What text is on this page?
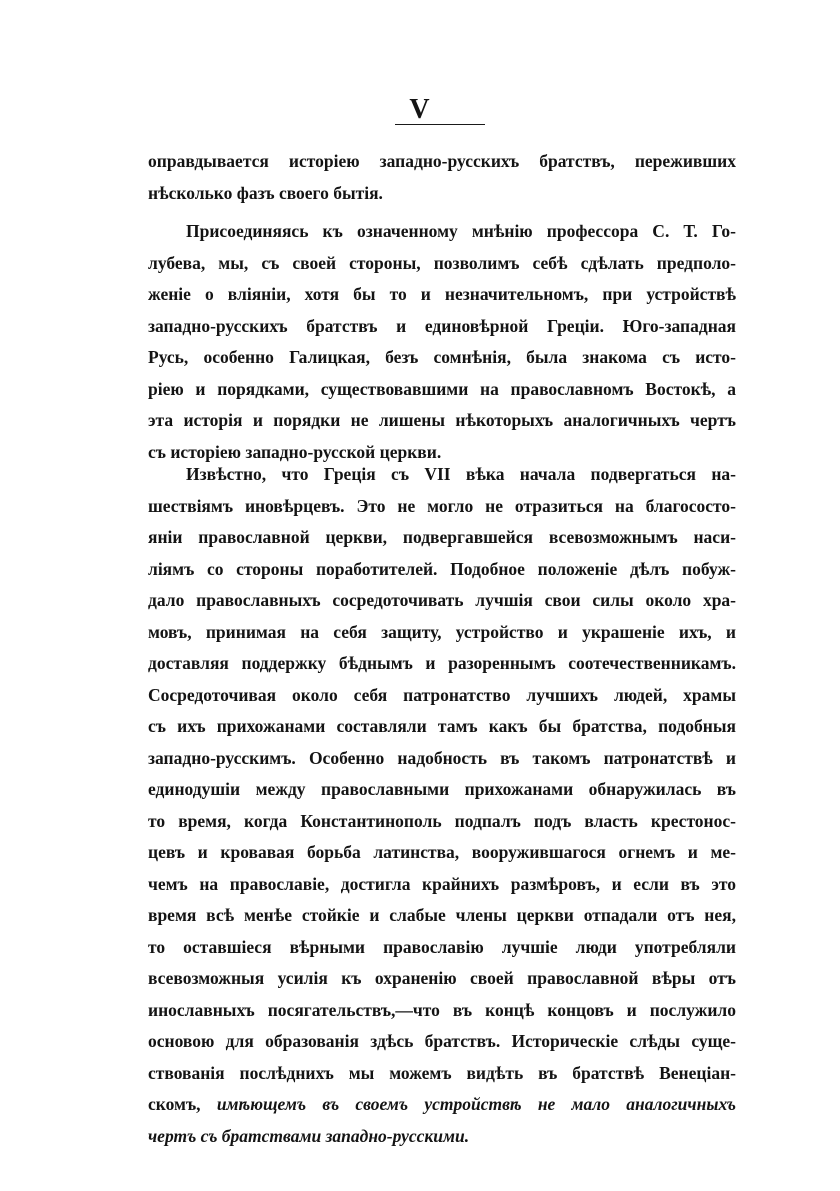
V
оправдывается исторіею западно-русскихъ братствъ, переживших
нѣсколько фазъ своего бытія.
Присоединяясь къ означенному мнѣнію профессора С. Т. Го-
лубева, мы, съ своей стороны, позволимъ себѣ сдѣлать предполо-
женіе о вліяніи, хотя бы то и незначительномъ, при устройствѣ
западно-русскихъ братствъ и единовѣрной Греціи. Юго-западная
Русь, особенно Галицкая, безъ сомнѣнія, была знакома съ исто-
ріею и порядками, существовавшими на православномъ Востокѣ, а
эта исторія и порядки не лишены нѣкоторыхъ аналогичныхъ чертъ
съ исторіею западно-русской церкви.
Извѣстно, что Греція съ VII вѣка начала подвергаться на-
шествіямъ иновѣрцевъ. Это не могло не отразиться на благососто-
яніи православной церкви, подвергавшейся всевозможнымъ наси-
ліямъ со стороны поработителей. Подобное положеніе дѣлъ побуж-
дало православныхъ сосредоточивать лучшія свои силы около хра-
мовъ, принимая на себя защиту, устройство и украшеніе ихъ, и
доставляя поддержку бѣднымъ и разореннымъ соотечественникамъ.
Сосредоточивая около себя патронатство лучшихъ людей, храмы
съ ихъ прихожанами составляли тамъ какъ бы братства, подобныя
западно-русскимъ. Особенно надобность въ такомъ патронатствѣ и
единодушіи между православными прихожанами обнаружилась въ
то время, когда Константинополь подпалъ подъ власть крестонос-
цевъ и кровавая борьба латинства, вооружившагося огнемъ и ме-
чемъ на православіе, достигла крайнихъ размѣровъ, и если въ это
время всѣ менѣе стойкіе и слабые члены церкви отпадали отъ нея,
то оставшіеся вѣрными православію лучшіе люди употребляли
всевозможныя усилія къ охраненію своей православной вѣры отъ
инославныхъ посягательствъ,—что въ концѣ концовъ и послужило
основою для образованія здѣсь братствъ. Историческіе слѣды суще-
ствованія послѣднихъ мы можемъ видѣть въ братствѣ Венеціан-
скомъ, имѣющемъ въ своемъ устройствѣ не мало аналогичныхъ
чертъ съ братствами западно-русскими.
